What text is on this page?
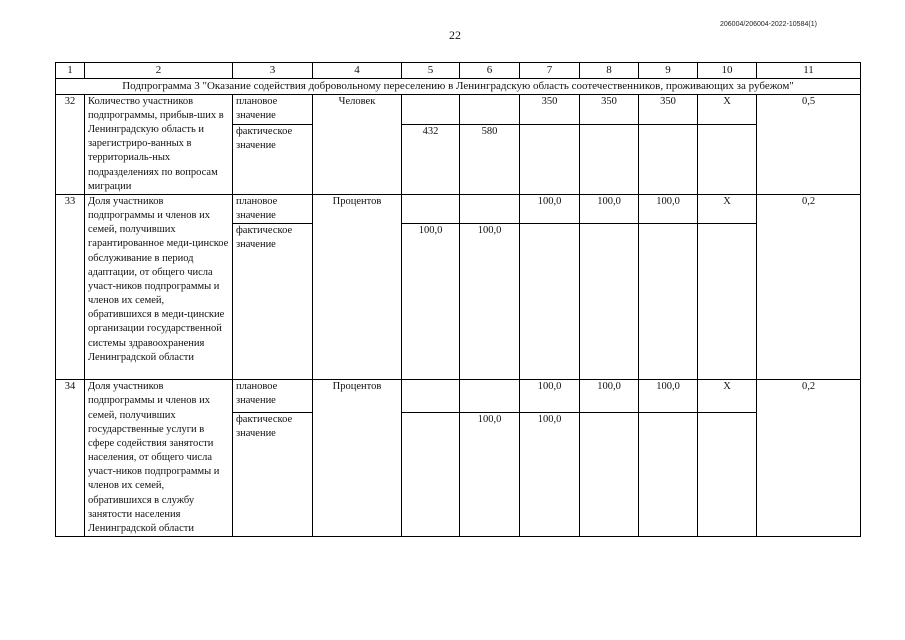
22
206004/206004-2022-10584(1)
1	2	3	4	5	6	7	8	9	10	11
Подпрограмма 3 "Оказание содействия добровольному переселению в Ленинградскую область соотечественников, проживающих за рубежом"										
32	Количество участников подпрограммы, прибыв-ших в Ленинградскую область и зарегистриро-ванных в территориаль-ных подразделениях по вопросам миграции	плановое значение	Человек			350	350	350	Х	0,5
		фактическое значение		432	580					
33	Доля участников подпрограммы и членов их семей, получивших гарантированное меди-цинское обслуживание в период адаптации, от общего числа участ-ников подпрограммы и членов их семей, обратившихся в меди-цинские организации государственной системы здравоохранения Ленинградской области	плановое значение	Процентов			100,0	100,0	100,0	Х	0,2
		фактическое значение		100,0	100,0					
34	Доля участников подпрограммы и членов их семей, получивших государственные услуги в сфере содействия занятости населения, от общего числа участ-ников подпрограммы и членов их семей, обратившихся в службу занятости населения Ленинградской области	плановое значение	Процентов			100,0	100,0	100,0	Х	0,2
		фактическое значение			100,0	100,0				
